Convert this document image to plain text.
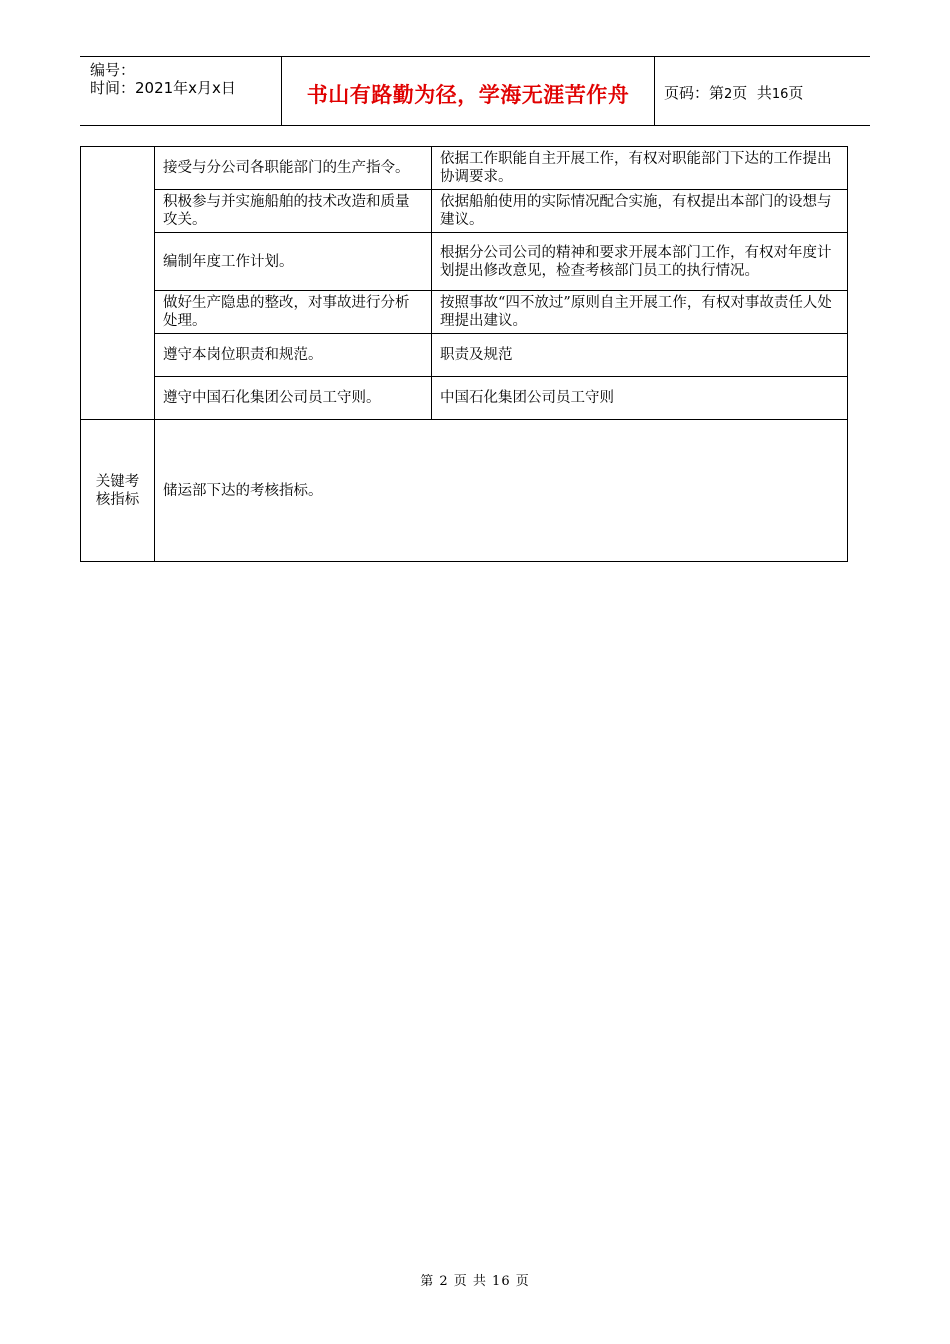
编号：
时间：2021年x月x日	书山有路勤为径，学海无涯苦作舟	页码：第2页  共16页
	接受与分公司各职能部门的生产指令。	依据工作职能自主开展工作，有权对职能部门下达的工作提出协调要求。
	积极参与并实施船舶的技术改造和质量攻关。	依据船舶使用的实际情况配合实施，有权提出本部门的设想与建议。
	编制年度工作计划。	根据分公司公司的精神和要求开展本部门工作，有权对年度计划提出修改意见，检查考核部门员工的执行情况。
	做好生产隐患的整改，对事故进行分析处理。	按照事故“四不放过”原则自主开展工作，有权对事故责任人处理提出建议。
	遵守本岗位职责和规范。	职责及规范
	遵守中国石化集团公司员工守则。	中国石化集团公司员工守则
关键考核指标	储运部下达的考核指标。	
第 2 页 共 16 页
